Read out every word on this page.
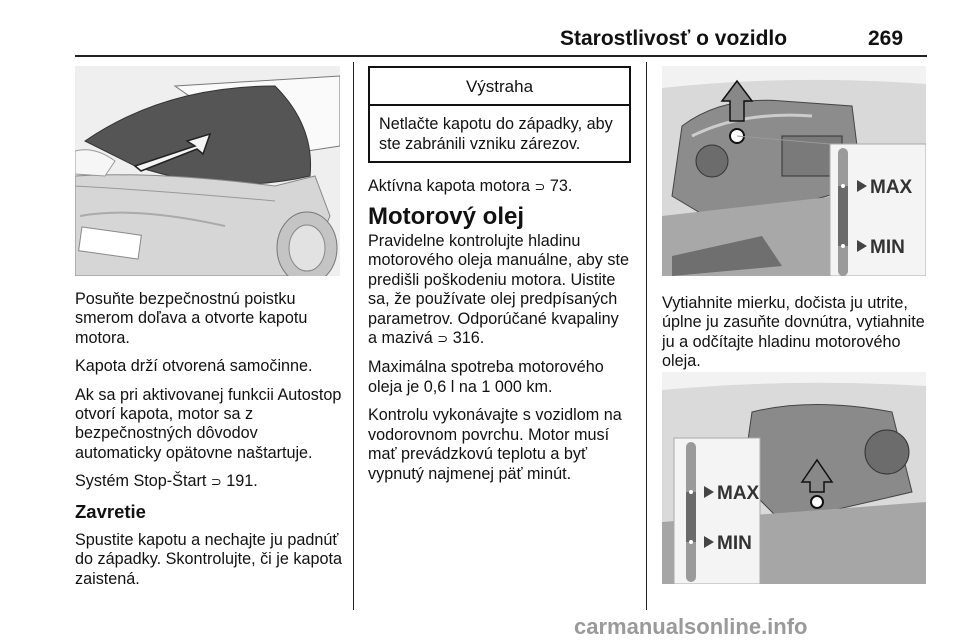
Starostlivosť o vozidlo	269

Posuňte bezpečnostnú poistku smerom doľava a otvorte kapotu motora.

Kapota drží otvorená samočinne.

Ak sa pri aktivovanej funkcii Autostop otvorí kapota, motor sa z bezpečnostných dôvodov automaticky opätovne naštartuje.

Systém Stop-Štart ⊃ 191.

Zavretie

Spustite kapotu a nechajte ju padnúť do západky. Skontrolujte, či je kapota zaistená.

Výstraha
Netlačte kapotu do západky, aby ste zabránili vzniku zárezov.

Aktívna kapota motora ⊃ 73.

Motorový olej

Pravidelne kontrolujte hladinu motorového oleja manuálne, aby ste predišli poškodeniu motora. Uistite sa, že používate olej predpísaných parametrov. Odporúčané kvapaliny a mazivá ⊃ 316.

Maximálna spotreba motorového oleja je 0,6 l na 1 000 km.

Kontrolu vykonávajte s vozidlom na vodorovnom povrchu. Motor musí mať prevádzkovú teplotu a byť vypnutý najmenej päť minút.

MAX
MIN

Vytiahnite mierku, dočista ju utrite, úplne ju zasuňte dovnútra, vytiahnite ju a odčítajte hladinu motorového oleja.

MAX
MIN
carmanualsonline.info
